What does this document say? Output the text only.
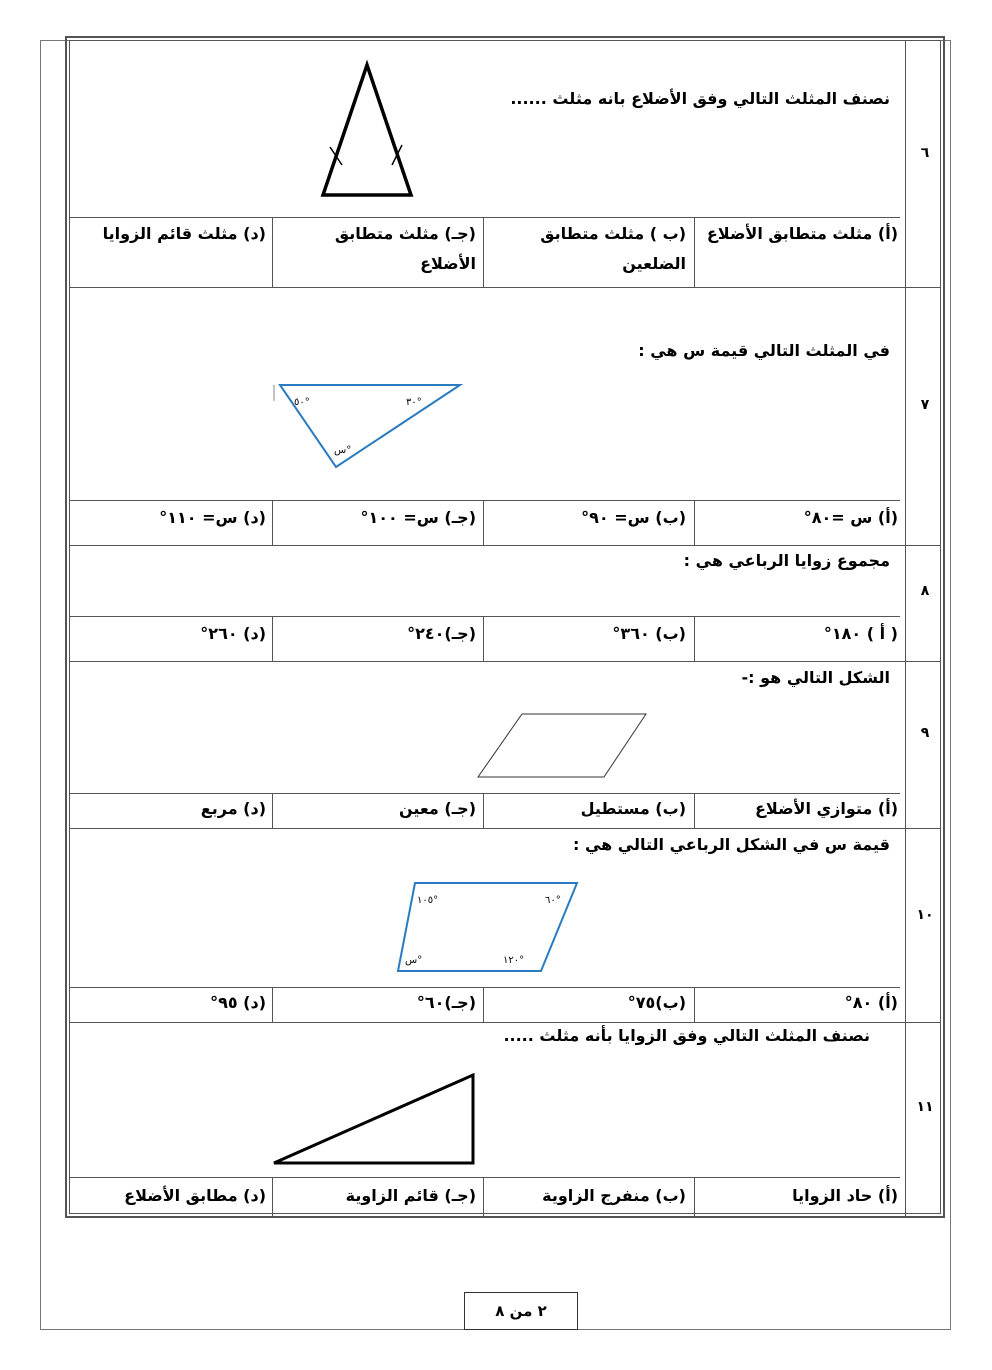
٦
نصنف المثلث التالي وفق الأضلاع بانه مثلث ......
(أ) مثلث متطابق الأضلاع
(ب ) مثلث متطابق الضلعين
(جـ) مثلث متطابق الأضلاع
(د) مثلث قائم الزوايا
٧
في المثلث التالي قيمة س هي :
٥٠°	٣٠°
س°
(أ) س =٨٠°
(ب) س= ٩٠°
(جـ) س= ١٠٠°
(د) س= ١١٠°
٨
مجموع زوايا الرباعي هي :
( أ ) ١٨٠°
(ب) ٣٦٠°
(جـ)٢٤٠°
(د) ٢٦٠°
٩
الشكل التالي هو :-
(أ) متوازي الأضلاع
(ب) مستطيل
(جـ) معين
(د) مربع
١٠
قيمة س في الشكل الرباعي التالي هي :
١٠٥°	٦٠°
س°	١٢٠°
(أ) ٨٠°
(ب)٧٥°
(جـ)٦٠°
(د) ٩٥°
١١
نصنف المثلث التالي وفق الزوايا بأنه مثلث .....
(أ) حاد الزوايا
(ب) منفرج الزاوية
(جـ) قائم الزاوية
(د) مطابق الأضلاع
٢ من ٨
